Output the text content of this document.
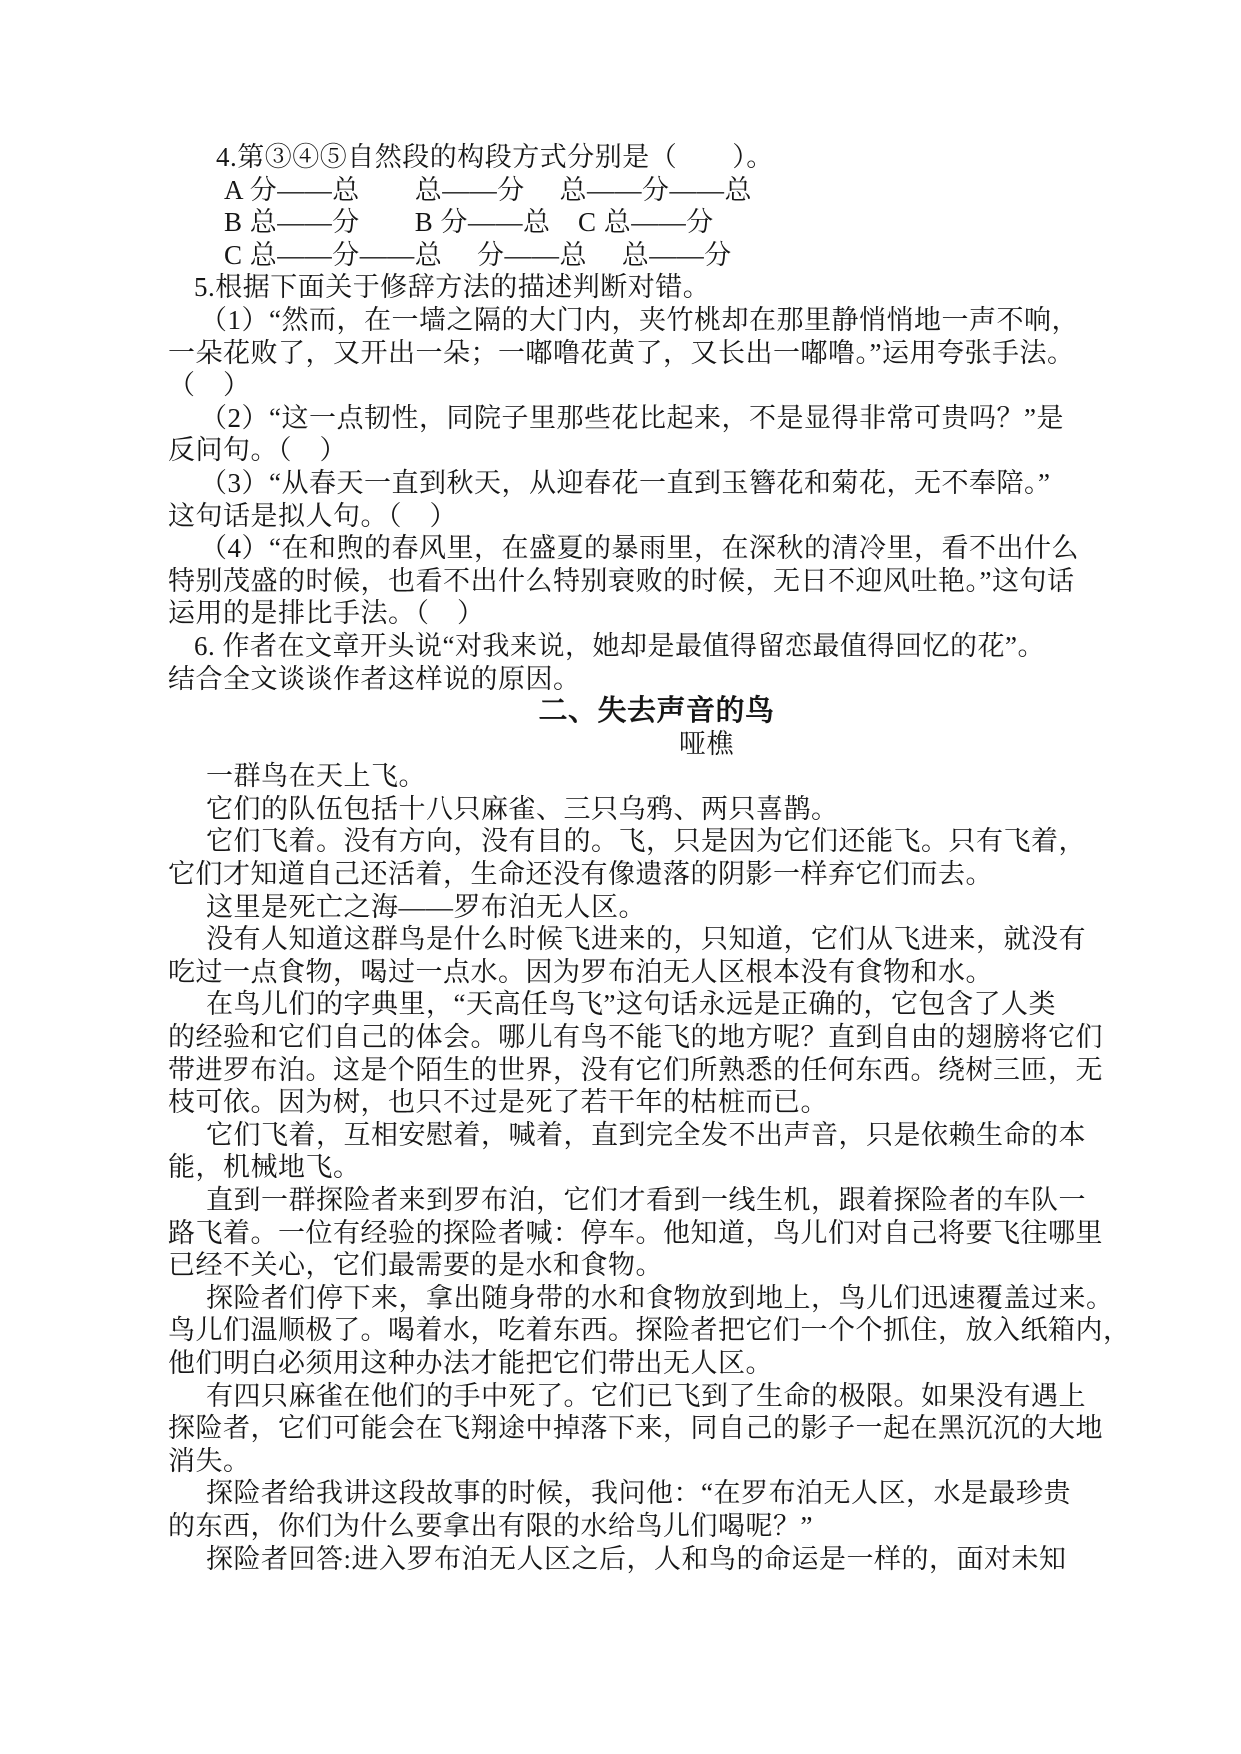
4.第③④⑤自然段的构段方式分别是（　　）。
A 分——总　　总——分　 总——分——总
B 总——分　　B 分——总　C 总——分
C 总——分——总　 分——总　 总——分
5.根据下面关于修辞方法的描述判断对错。
（1）“然而，在一墙之隔的大门内，夹竹桃却在那里静悄悄地一声不响，
一朵花败了，又开出一朵；一嘟噜花黄了，又长出一嘟噜。”运用夸张手法。
（　）
（2）“这一点韧性，同院子里那些花比起来，不是显得非常可贵吗？”是
反问句。（　）
（3）“从春天一直到秋天，从迎春花一直到玉簪花和菊花，无不奉陪。”
这句话是拟人句。（　）
（4）“在和煦的春风里，在盛夏的暴雨里，在深秋的清冷里，看不出什么
特别茂盛的时候，也看不出什么特别衰败的时候，无日不迎风吐艳。”这句话
运用的是排比手法。（　）
6. 作者在文章开头说“对我来说，她却是最值得留恋最值得回忆的花”。
结合全文谈谈作者这样说的原因。
二、失去声音的鸟
哑樵
一群鸟在天上飞。
它们的队伍包括十八只麻雀、三只乌鸦、两只喜鹊。
它们飞着。没有方向，没有目的。飞，只是因为它们还能飞。只有飞着，
它们才知道自己还活着，生命还没有像遗落的阴影一样弃它们而去。
这里是死亡之海——罗布泊无人区。
没有人知道这群鸟是什么时候飞进来的，只知道，它们从飞进来，就没有
吃过一点食物，喝过一点水。因为罗布泊无人区根本没有食物和水。
在鸟儿们的字典里，“天高任鸟飞”这句话永远是正确的，它包含了人类
的经验和它们自己的体会。哪儿有鸟不能飞的地方呢？直到自由的翅膀将它们
带进罗布泊。这是个陌生的世界，没有它们所熟悉的任何东西。绕树三匝，无
枝可依。因为树，也只不过是死了若干年的枯桩而已。
它们飞着，互相安慰着，喊着，直到完全发不出声音，只是依赖生命的本
能，机械地飞。
直到一群探险者来到罗布泊，它们才看到一线生机，跟着探险者的车队一
路飞着。一位有经验的探险者喊：停车。他知道，鸟儿们对自己将要飞往哪里
已经不关心，它们最需要的是水和食物。
探险者们停下来，拿出随身带的水和食物放到地上，鸟儿们迅速覆盖过来。
鸟儿们温顺极了。喝着水，吃着东西。探险者把它们一个个抓住，放入纸箱内，
他们明白必须用这种办法才能把它们带出无人区。
有四只麻雀在他们的手中死了。它们已飞到了生命的极限。如果没有遇上
探险者，它们可能会在飞翔途中掉落下来，同自己的影子一起在黑沉沉的大地
消失。
探险者给我讲这段故事的时候，我问他：“在罗布泊无人区，水是最珍贵
的东西，你们为什么要拿出有限的水给鸟儿们喝呢？”
探险者回答:进入罗布泊无人区之后，人和鸟的命运是一样的，面对未知
